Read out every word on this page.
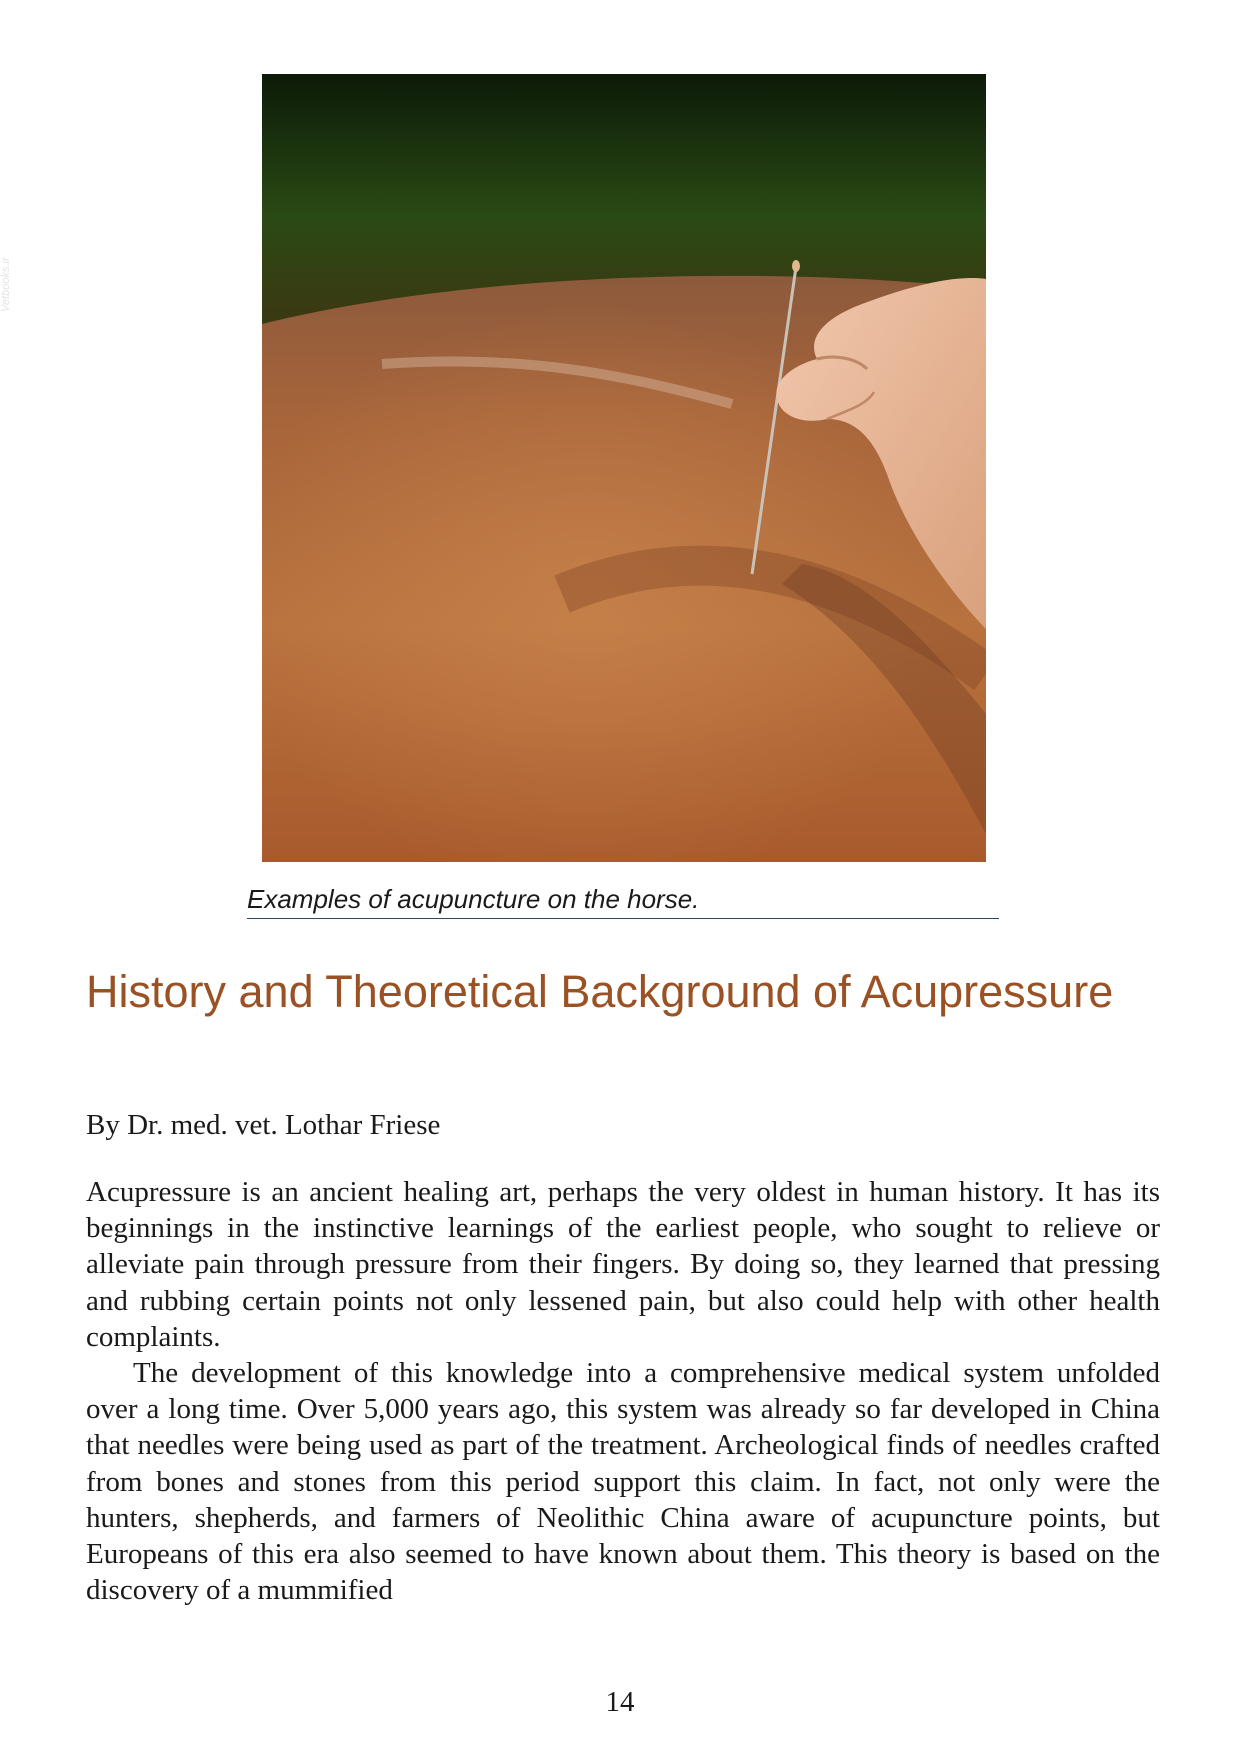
Vetbooks.ir
Examples of acupuncture on the horse.
History and Theoretical Background of Acupressure

By Dr. med. vet. Lothar Friese

Acupressure is an ancient healing art, perhaps the very oldest in human history. It has its beginnings in the instinctive learnings of the earliest people, who sought to relieve or alleviate pain through pressure from their fingers. By doing so, they learned that pressing and rubbing certain points not only lessened pain, but also could help with other health complaints.

The development of this knowledge into a comprehensive medical system unfolded over a long time. Over 5,000 years ago, this system was already so far developed in China that needles were being used as part of the treatment. Archeological finds of needles crafted from bones and stones from this period support this claim. In fact, not only were the hunters, shepherds, and farmers of Neolithic China aware of acupuncture points, but Europeans of this era also seemed to have known about them. This theory is based on the discovery of a mummified

14
